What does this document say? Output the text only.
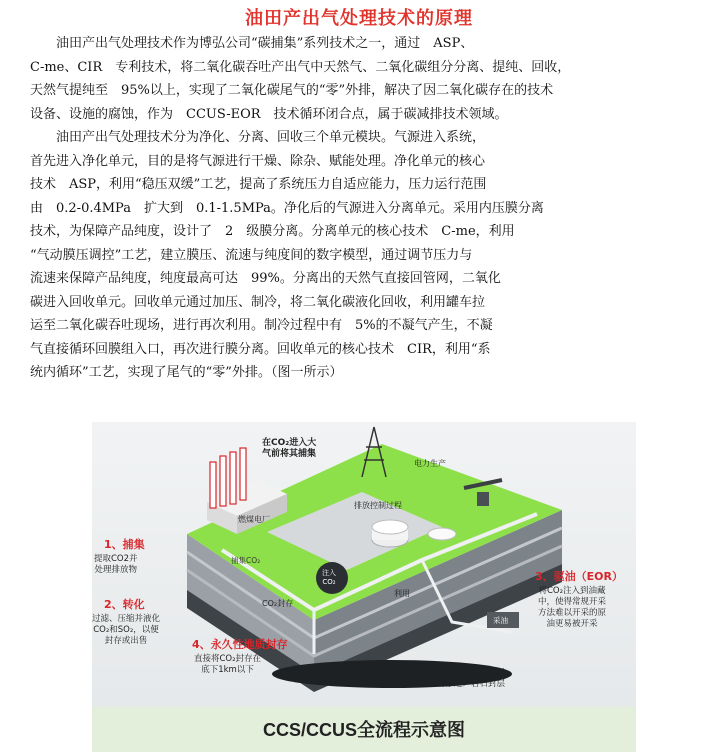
油田产出气处理技术的原理

　　油田产出气处理技术作为博弘公司“碳捕集”系列技术之一，通过　ASP、
C-me、CIR　专利技术，将二氧化碳吞吐产出气中天然气、二氧化碳组分分离、提纯、回收，
天然气提纯至　95%以上，实现了二氧化碳尾气的“零”外排，解决了因二氧化碳存在的技术
设备、设施的腐蚀，作为　CCUS-EOR　技术循环闭合点，属于碳减排技术领域。

　　油田产出气处理技术分为净化、分离、回收三个单元模块。气源进入系统，
首先进入净化单元，目的是将气源进行干燥、除杂、赋能处理。净化单元的核心
技术　ASP，利用“稳压双缓”工艺，提高了系统压力自适应能力，压力运行范围
由　0.2-0.4MPa　扩大到　0.1-1.5MPa。净化后的气源进入分离单元。采用内压膜分离
技术，为保障产品纯度，设计了　2　级膜分离。分离单元的核心技术　C-me，利用
“气动膜压调控”工艺，建立膜压、流速与纯度间的数字模型，通过调节压力与
流速来保障产品纯度，纯度最高可达　99%。分离出的天然气直接回管网，二氧化
碳进入回收单元。回收单元通过加压、制冷，将二氧化碳液化回收，利用罐车拉
运至二氧化碳吞吐现场，进行再次利用。制冷过程中有　5%的不凝气产生，不凝
气直接循环回膜组入口，再次进行膜分离。回收单元的核心技术　CIR，利用“系
统内循环”工艺，实现了尾气的“零”外排。（图一所示）

在CO₂进入大
气前将其捕集
电力生产
燃煤电厂
排放控制过程
捕集CO₂
注入
CO₂
CO₂封存
利用
采油
1、捕集
提取CO2并
处理排放物
2、转化
过滤、压缩并液化
CO₂和SO₂，以便
封存或出售
3、驱油（EOR）
将CO₂注入到油藏
中，使得常规开采
方法难以开采的原
油更易被开采
4、永久性地质封存
直接将CO₂封存在
底下1km以下	数层CO₂固体（不
可渗透）岩石封层
CCS/CCUS全流程示意图
